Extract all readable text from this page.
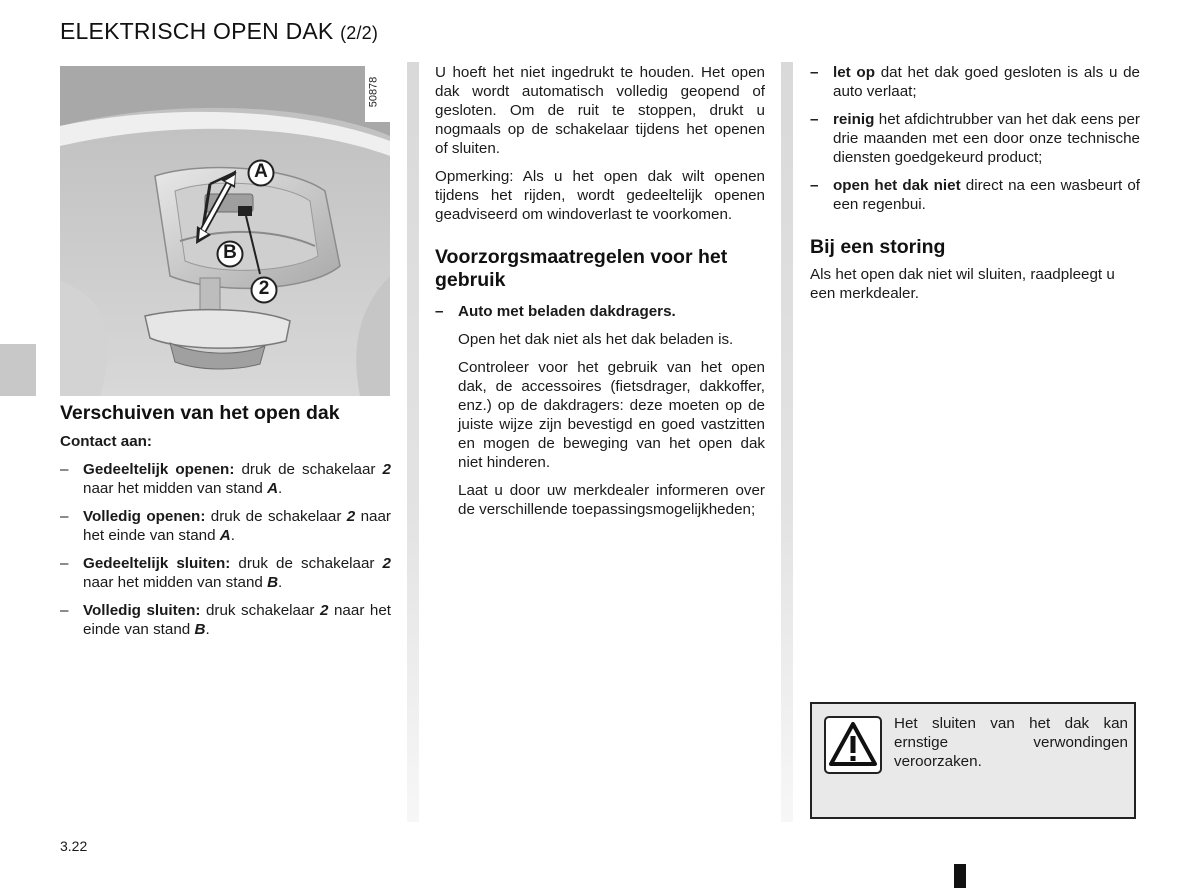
ELEKTRISCH OPEN DAK (2/2)
50878
A
B
2
Verschuiven van het open dak

Contact aan:

– Gedeeltelijk openen: druk de schakelaar 2 naar het midden van stand A.
– Volledig openen: druk de schakelaar 2 naar het einde van stand A.
– Gedeeltelijk sluiten: druk de schakelaar 2 naar het midden van stand B.
– Volledig sluiten: druk schakelaar 2 naar het einde van stand B.

U hoeft het niet ingedrukt te houden. Het open dak wordt automatisch volledig geopend of gesloten. Om de ruit te stoppen, drukt u nogmaals op de schakelaar tijdens het openen of sluiten.

Opmerking: Als u het open dak wilt openen tijdens het rijden, wordt gedeeltelijk openen geadviseerd om windoverlast te voorkomen.

Voorzorgsmaatregelen voor het gebruik
– Auto met beladen dakdragers.

Open het dak niet als het dak beladen is.

Controleer voor het gebruik van het open dak, de accessoires (fietsdrager, dakkoffer, enz.) op de dakdragers: deze moeten op de juiste wijze zijn bevestigd en goed vastzitten en mogen de beweging van het open dak niet hinderen.

Laat u door uw merkdealer informeren over de verschillende toepassingsmogelijkheden;

– let op dat het dak goed gesloten is als u de auto verlaat;
– reinig het afdichtrubber van het dak eens per drie maanden met een door onze technische diensten goedgekeurd product;
– open het dak niet direct na een wasbeurt of een regenbui.
Bij een storing

Als het open dak niet wil sluiten, raadpleegt u een merkdealer.

Het sluiten van het dak kan ernstige verwondingen veroorzaken.
3.22
